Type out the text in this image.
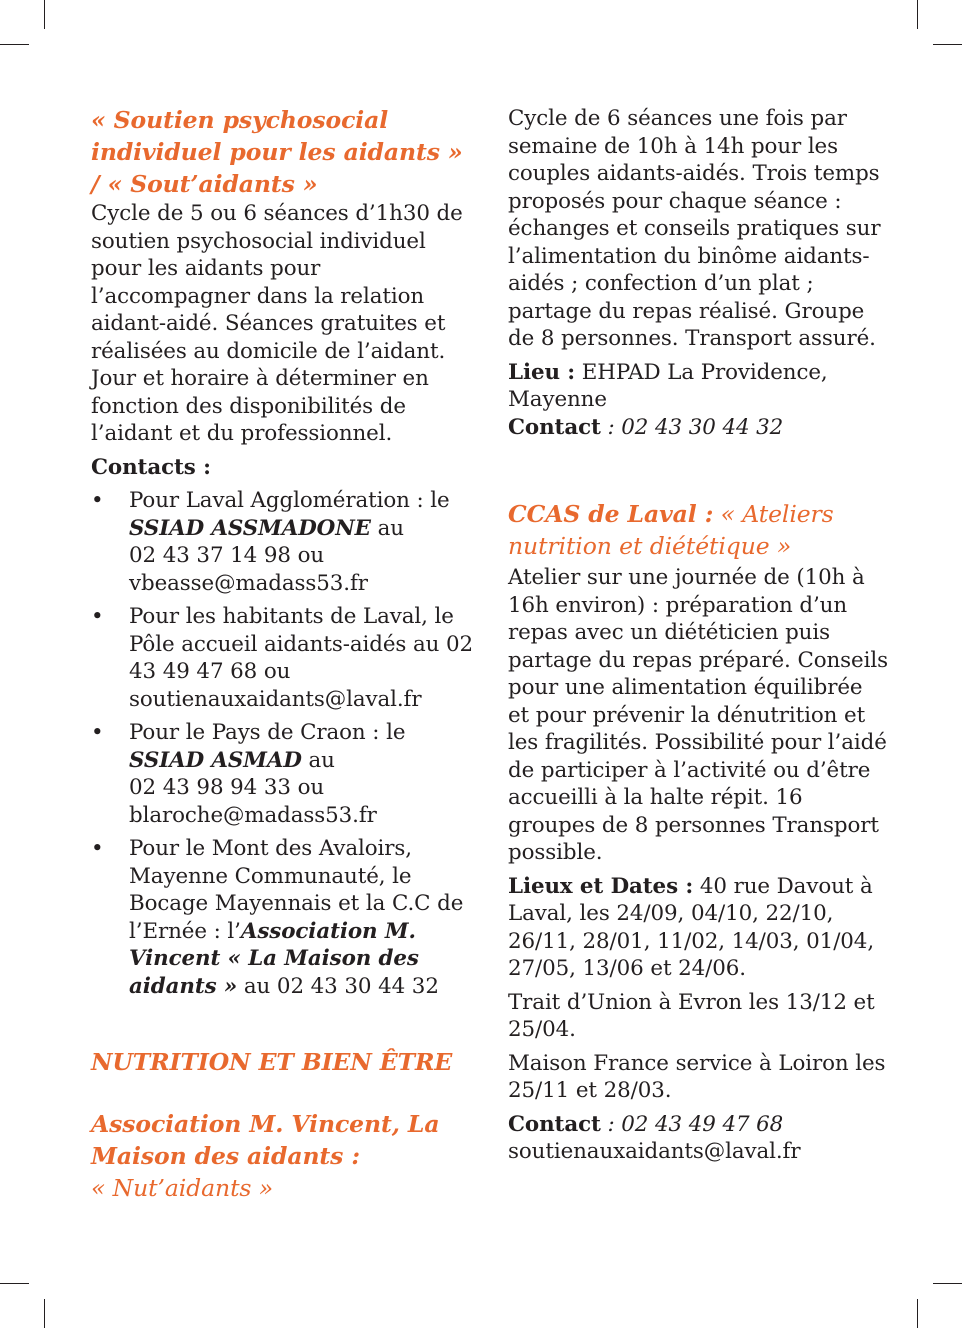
« Soutien psychosocial individuel pour les aidants » / « Sout’aidants »

Cycle de 5 ou 6 séances d’1h30 de soutien psychosocial individuel pour les aidants pour l’accompagner dans la relation aidant-aidé. Séances gratuites et réalisées au domicile de l’aidant. Jour et horaire à déterminer en fonction des disponibilités de l’aidant et du professionnel.

Contacts :

• Pour Laval Agglomération : le SSIAD ASSMADONE au
02 43 37 14 98 ou
vbeasse@madass53.fr
• Pour les habitants de Laval, le Pôle accueil aidants-aidés au 02 43 49 47 68 ou soutienauxaidants@laval.fr
• Pour le Pays de Craon : le SSIAD ASMAD au
02 43 98 94 33 ou
blaroche@madass53.fr
• Pour le Mont des Avaloirs, Mayenne Communauté, le Bocage Mayennais et la C.C de l’Ernée : l’Association M. Vincent « La Maison des aidants » au 02 43 30 44 32
NUTRITION ET BIEN ÊTRE
Association M. Vincent, La Maison des aidants :
« Nut’aidants »

Cycle de 6 séances une fois par semaine de 10h à 14h pour les couples aidants-aidés. Trois temps proposés pour chaque séance : échanges et conseils pratiques sur l’alimentation du binôme aidants-aidés ; confection d’un plat ; partage du repas réalisé. Groupe de 8 personnes. Transport assuré.

Lieu : EHPAD La Providence, Mayenne

Contact : 02 43 30 44 32

CCAS de Laval : « Ateliers nutrition et diététique »

Atelier sur une journée de (10h à 16h environ) : préparation d’un repas avec un diététicien puis partage du repas préparé. Conseils pour une alimentation équilibrée et pour prévenir la dénutrition et les fragilités. Possibilité pour l’aidé de participer à l’activité ou d’être accueilli à la halte répit. 16 groupes de 8 personnes Transport possible.

Lieux et Dates : 40 rue Davout à Laval, les 24/09, 04/10, 22/10, 26/11, 28/01, 11/02, 14/03, 01/04, 27/05, 13/06 et 24/06.

Trait d’Union à Evron les 13/12 et 25/04.

Maison France service à Loiron les 25/11 et 28/03.

Contact : 02 43 49 47 68

soutienauxaidants@laval.fr
